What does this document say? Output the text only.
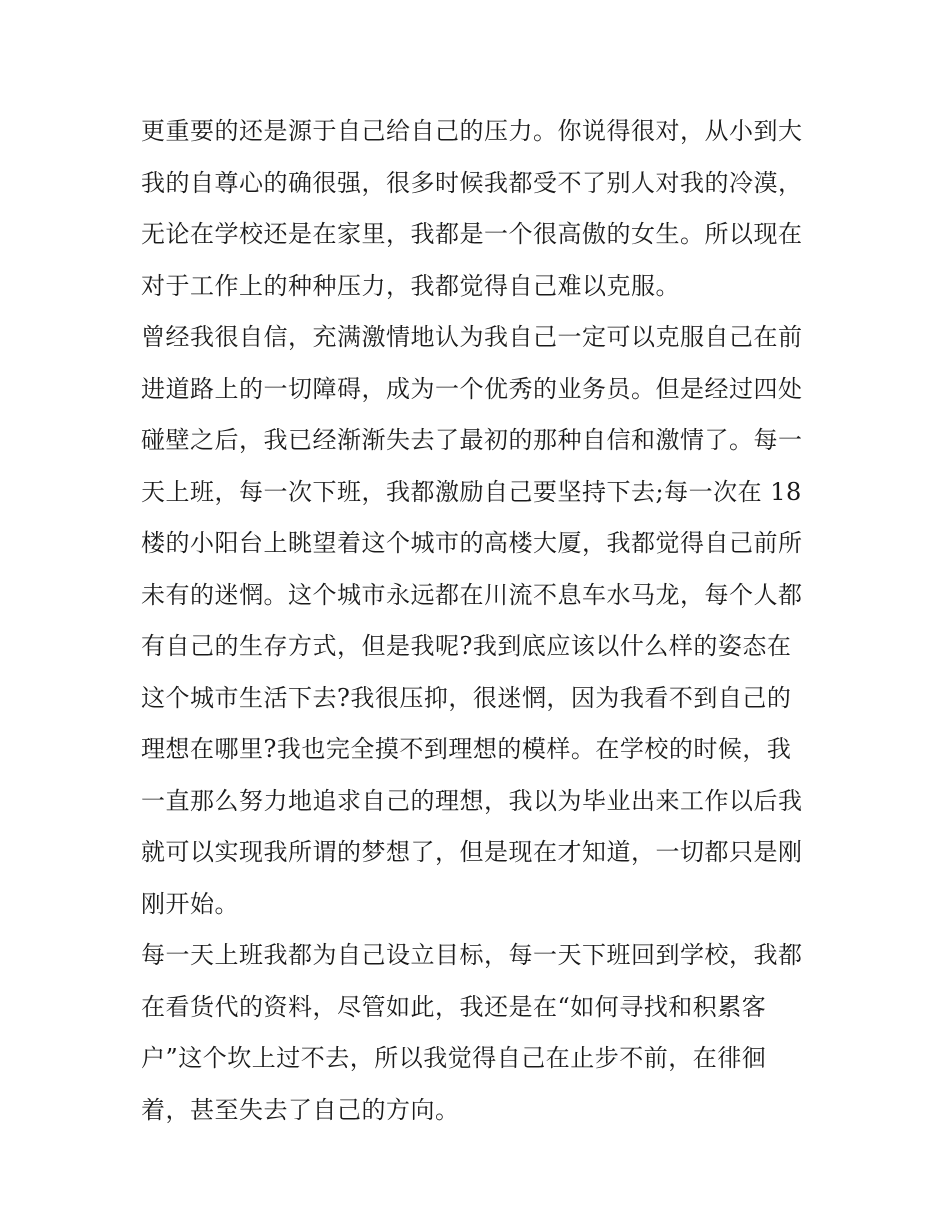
更重要的还是源于自己给自己的压力。你说得很对，从小到大
我的自尊心的确很强，很多时候我都受不了别人对我的冷漠，
无论在学校还是在家里，我都是一个很高傲的女生。所以现在
对于工作上的种种压力，我都觉得自己难以克服。
曾经我很自信，充满激情地认为我自己一定可以克服自己在前
进道路上的一切障碍，成为一个优秀的业务员。但是经过四处
碰壁之后，我已经渐渐失去了最初的那种自信和激情了。每一
天上班，每一次下班，我都激励自己要坚持下去;每一次在 18
楼的小阳台上眺望着这个城市的高楼大厦，我都觉得自己前所
未有的迷惘。这个城市永远都在川流不息车水马龙，每个人都
有自己的生存方式，但是我呢?我到底应该以什么样的姿态在
这个城市生活下去?我很压抑，很迷惘，因为我看不到自己的
理想在哪里?我也完全摸不到理想的模样。在学校的时候，我
一直那么努力地追求自己的理想，我以为毕业出来工作以后我
就可以实现我所谓的梦想了，但是现在才知道，一切都只是刚
刚开始。
每一天上班我都为自己设立目标，每一天下班回到学校，我都
在看货代的资料，尽管如此，我还是在“如何寻找和积累客
户”这个坎上过不去，所以我觉得自己在止步不前，在徘徊
着，甚至失去了自己的方向。
